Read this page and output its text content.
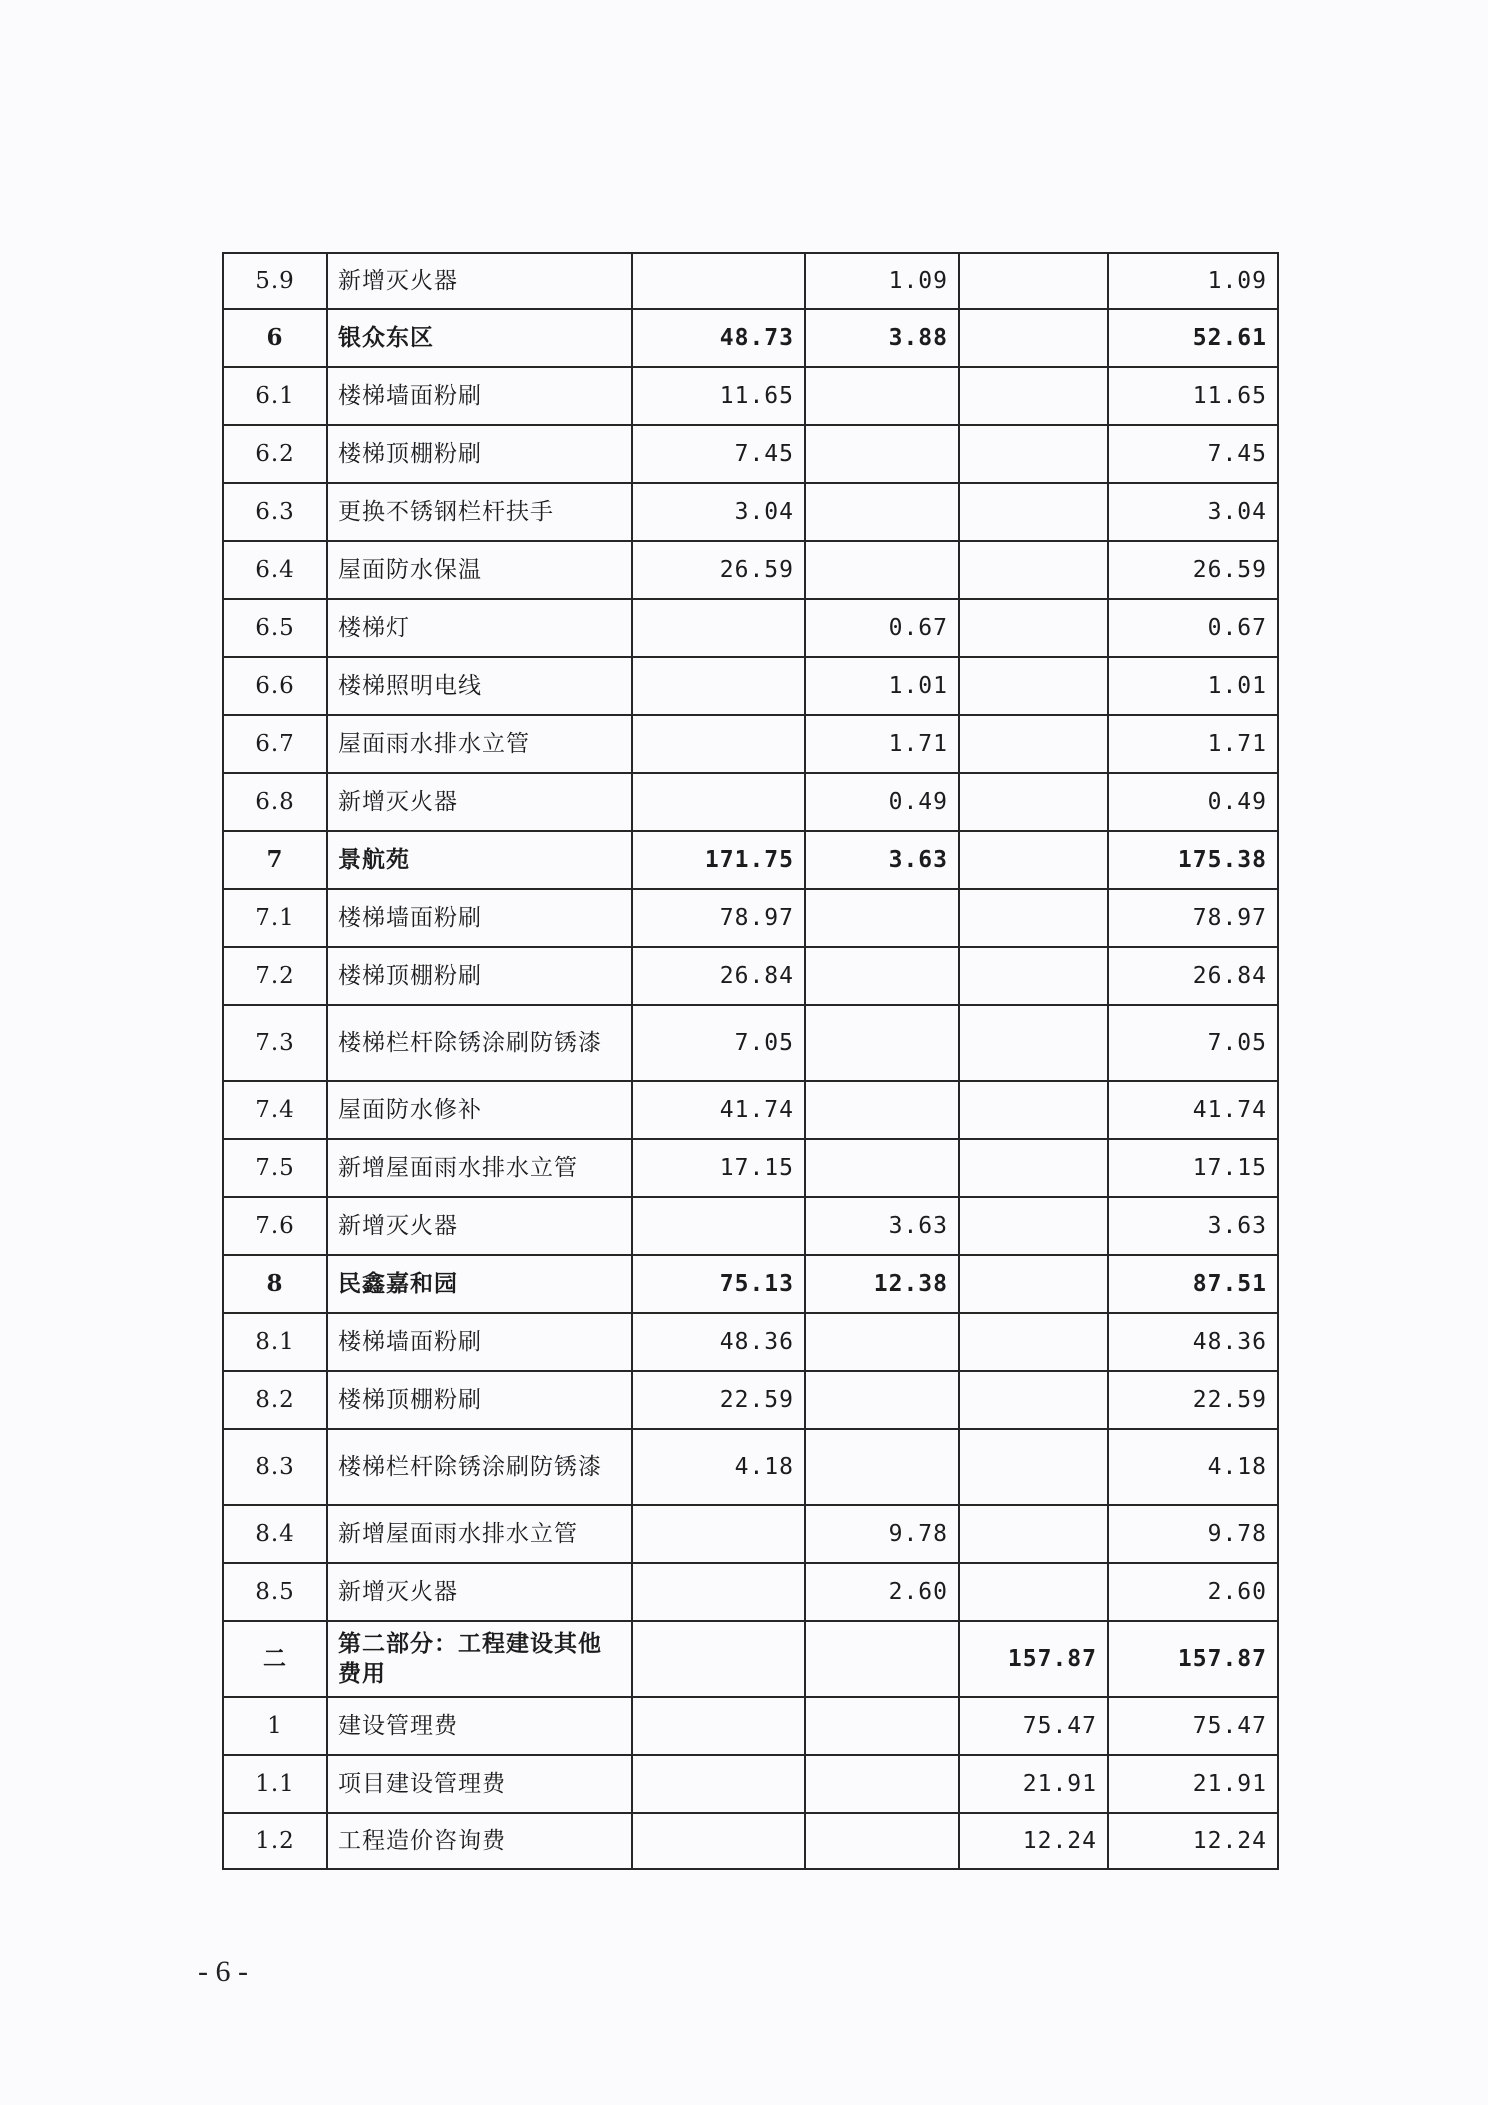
5.9	新增灭火器		1.09		1.09
6	银众东区	48.73	3.88		52.61
6.1	楼梯墙面粉刷	11.65			11.65
6.2	楼梯顶棚粉刷	7.45			7.45
6.3	更换不锈钢栏杆扶手	3.04			3.04
6.4	屋面防水保温	26.59			26.59
6.5	楼梯灯		0.67		0.67
6.6	楼梯照明电线		1.01		1.01
6.7	屋面雨水排水立管		1.71		1.71
6.8	新增灭火器		0.49		0.49
7	景航苑	171.75	3.63		175.38
7.1	楼梯墙面粉刷	78.97			78.97
7.2	楼梯顶棚粉刷	26.84			26.84
7.3	楼梯栏杆除锈涂刷防锈漆	7.05			7.05
7.4	屋面防水修补	41.74			41.74
7.5	新增屋面雨水排水立管	17.15			17.15
7.6	新增灭火器		3.63		3.63
8	民鑫嘉和园	75.13	12.38		87.51
8.1	楼梯墙面粉刷	48.36			48.36
8.2	楼梯顶棚粉刷	22.59			22.59
8.3	楼梯栏杆除锈涂刷防锈漆	4.18			4.18
8.4	新增屋面雨水排水立管		9.78		9.78
8.5	新增灭火器		2.60		2.60
二	第二部分：工程建设其他费用			157.87	157.87
1	建设管理费			75.47	75.47
1.1	项目建设管理费			21.91	21.91
1.2	工程造价咨询费			12.24	12.24
- 6 -
